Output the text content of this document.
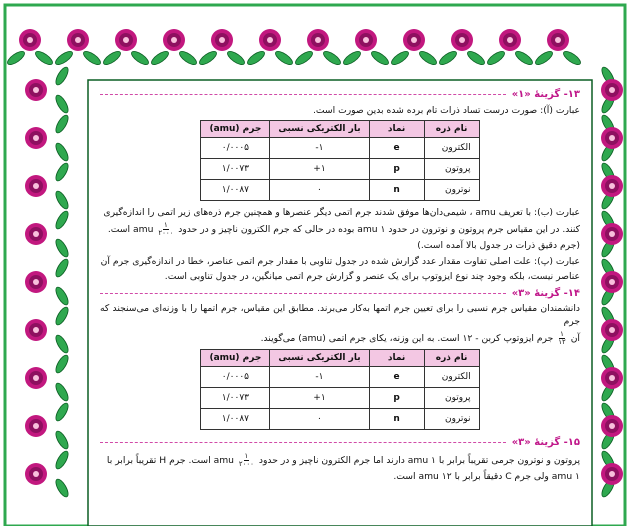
۱۳- گزینهٔ «۱»

عبارت (آ): صورت درست تساد ذرات تام برده شده بدین صورت است.

نام ذره	نماد	بار الکتریکی نسبی	جرم (amu)
الکترون	e	-۱	۰/۰۰۰۵
پروتون	p	+۱	۱/۰۰۷۳
نوترون	n	۰	۱/۰۰۸۷

عبارت (ب): با تعریف amu ، شیمی‌دان‌ها موفق شدند جرم اتمی دیگر عنصرها و همچنین جرم ذره‌های زیر اتمی را اندازه‌گیری

کنند. در این مقیاس جرم پروتون و نوترون در حدود amu ۱ بوده در حالی که جرم الکترون ناچیز و در حدود
$\frac{۱}{۲۰۰۰}$
amu است.

(جرم دقیق ذرات در جدول بالا آمده است.)

عبارت (پ): علت اصلی تفاوت مقدار عدد گزارش شده در جدول تناوبی با مقدار جرم اتمی عناصر، خطا در اندازه‌گیری جرم آن

عناصر نیست، بلکه وجود چند نوع ایزوتوپ برای یک عنصر و گزارش جرم اتمی میانگین، در جدول تناوبی است.

۱۴- گزینهٔ «۳»

دانشمندان مقیاس جرم نسبی را برای تعیین جرم اتمها به‌کار می‌برند. مطابق این مقیاس، جرم اتمها را با وزنه‌ای می‌سنجند که جرم

آن
$\frac{۱}{۱۲}$
جرم ایزوتوپ کربن - ۱۲ است. به این وزنه، یکای جرم اتمی (amu) می‌گویند.

نام ذره	نماد	بار الکتریکی نسبی	جرم (amu)
الکترون	e	-۱	۰/۰۰۰۵
پروتون	p	+۱	۱/۰۰۷۳
نوترون	n	۰	۱/۰۰۸۷
۱۵- گزینهٔ «۳»

پروتون و نوترون جرمی تقریباً برابر با amu ۱ دارند اما جرم الکترون ناچیز و در حدود
$\frac{۱}{۲۰۰۰}$
amu است. جرم H تقریباً برابر با

amu ۱ ولی جرم C دقیقاً برابر با amu ۱۲ است.
